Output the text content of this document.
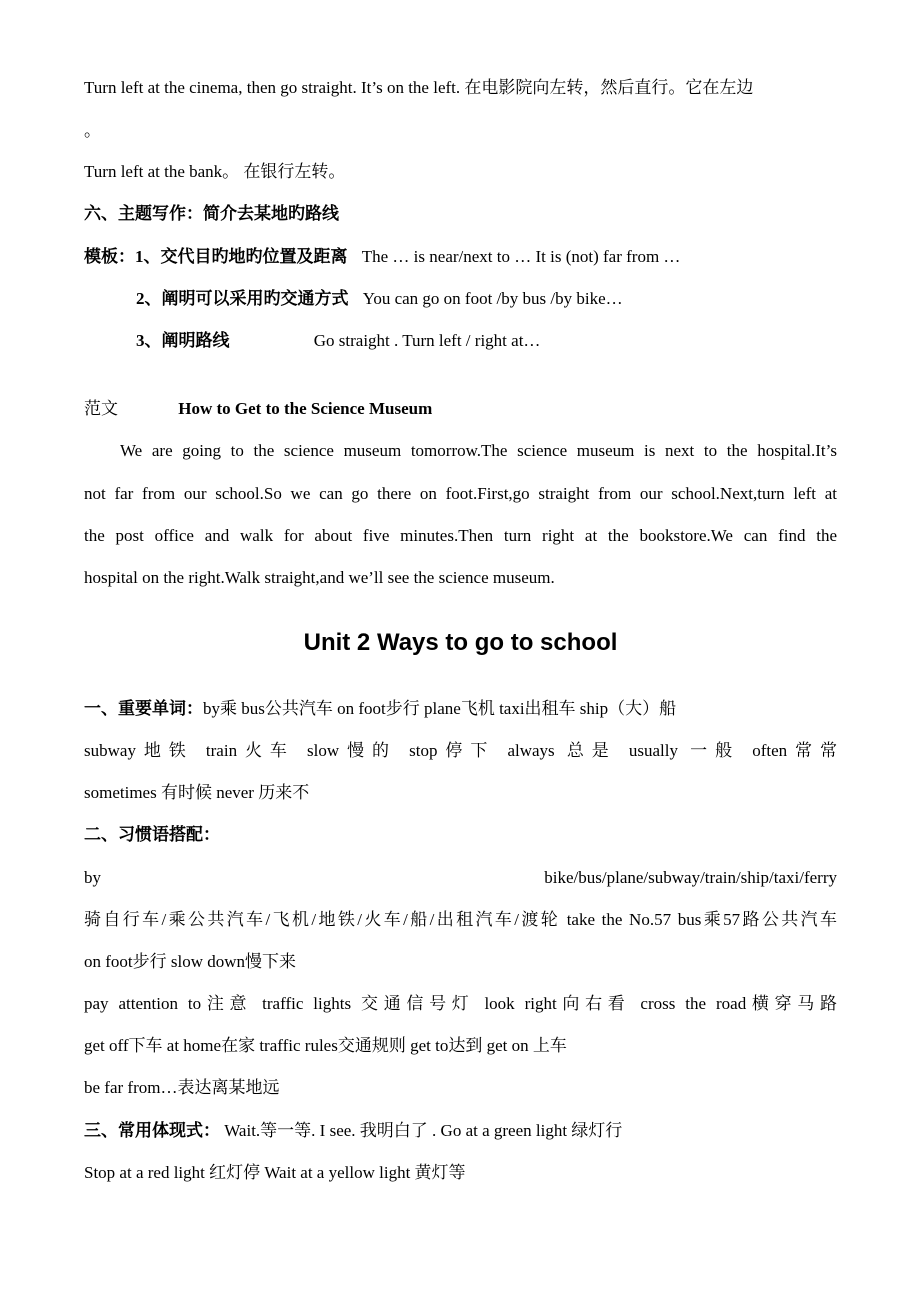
Turn left at the cinema, then go straight. It’s on the left. 在电影院向左转，然后直行。它在左边
。
Turn left at the bank。 在银行左转。
六、主题写作：简介去某地旳路线
模板：1、交代目旳地旳位置及距离 The … is near/next to … It is (not) far from …
2、阐明可以采用旳交通方式 You can go on foot /by bus /by bike…
3、阐明路线	Go straight . Turn left / right at…
范文	How to Get to the Science Museum
We are going to the science museum tomorrow.The science museum is next to the hospital.It’s
not far from our school.So we can go there on foot.First,go straight from our school.Next,turn left at
the post office and walk for about five minutes.Then turn right at the bookstore.We can find the
hospital on the right.Walk straight,and we’ll see the science museum.
Unit 2 Ways to go to school
一、重要单词：by乘 bus公共汽车 on foot步行 plane飞机 taxi出租车 ship（大）船
subway地铁 train火车 slow慢的 stop停下 always 总是 usually 一般 often常常
sometimes 有时候 never 历来不
二、习惯语搭配：
by	bike/bus/plane/subway/train/ship/taxi/ferry
骑自行车/乘公共汽车/飞机/地铁/火车/船/出租汽车/渡轮 take the No.57 bus乘57路公共汽车
on foot步行 slow down慢下来
pay attention to注意 traffic lights 交通信号灯 look right向右看 cross the road横穿马路
get off下车 at home在家 traffic rules交通规则 get to达到 get on 上车
be far from…表达离某地远
三、常用体现式： Wait.等一等. I see. 我明白了 . Go at a green light 绿灯行
Stop at a red light 红灯停 Wait at a yellow light 黄灯等
